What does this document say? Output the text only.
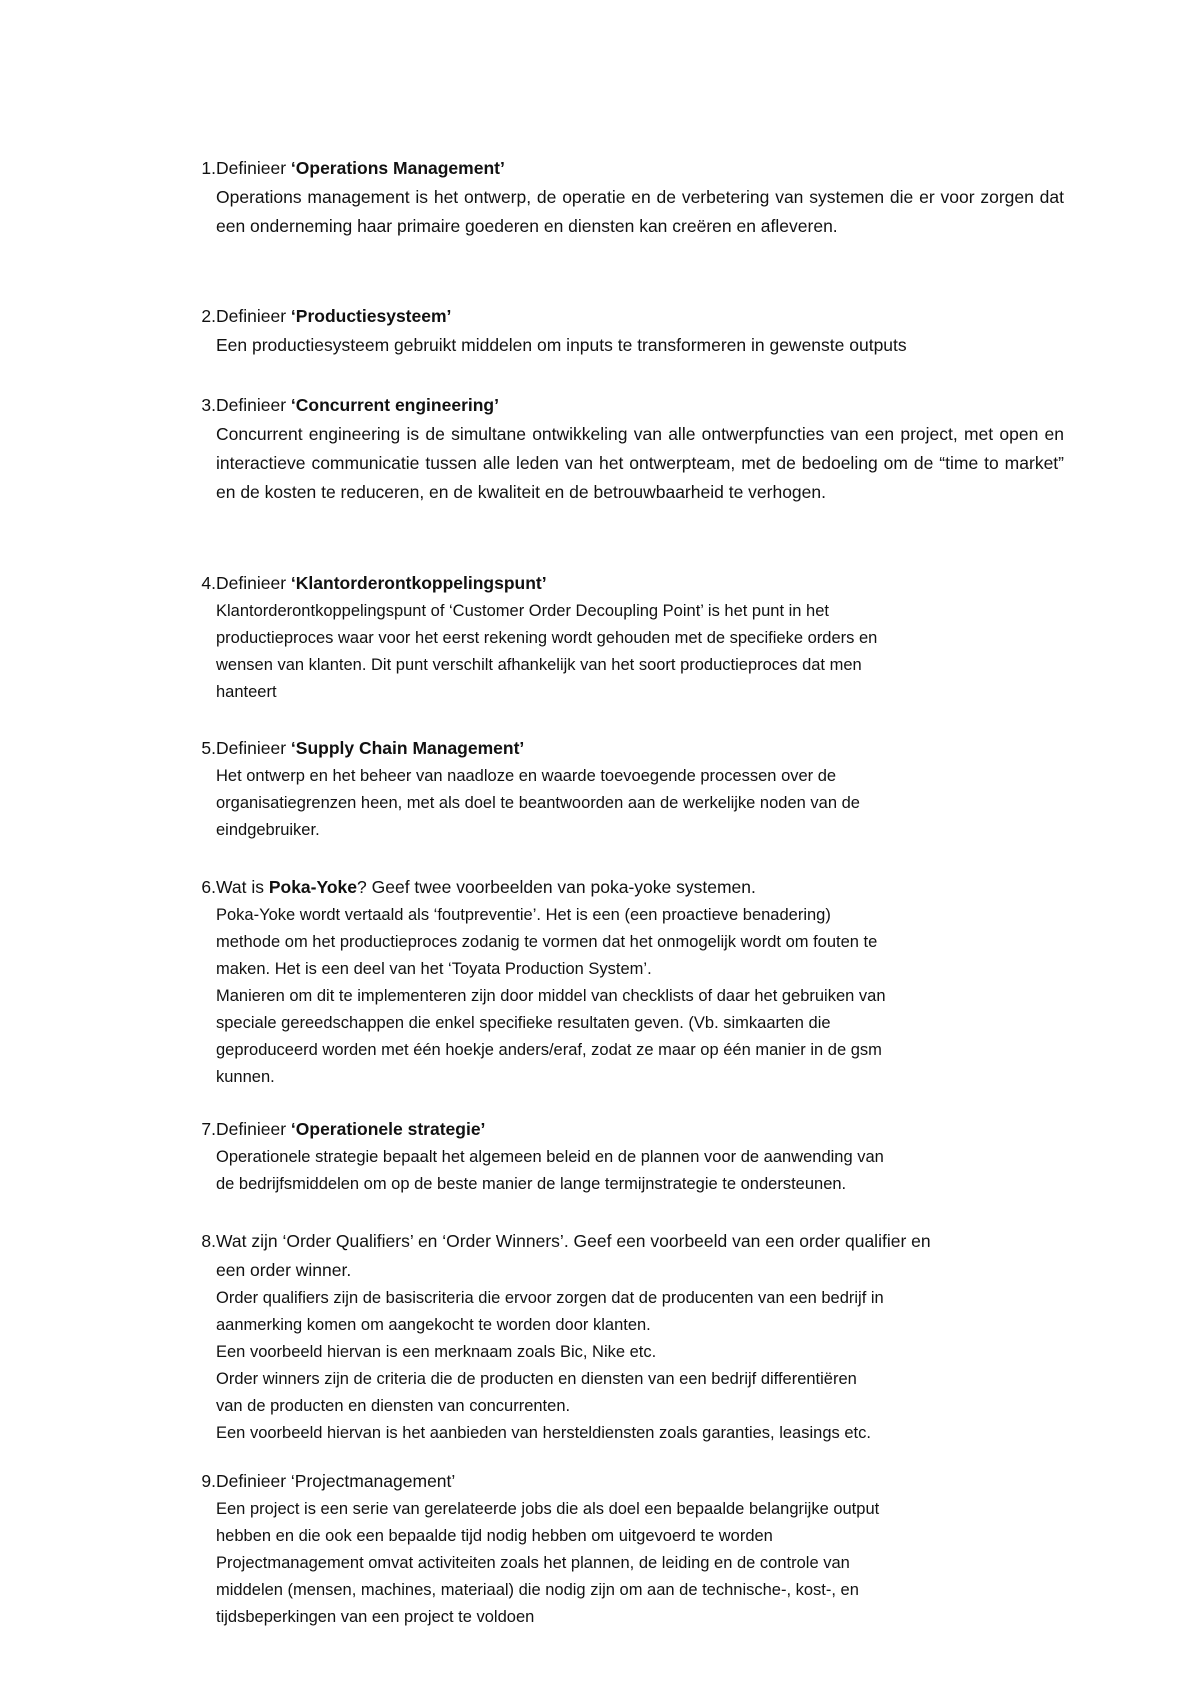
1. Definieer ‘Operations Management’

Operations management is het ontwerp, de operatie en de verbetering van systemen die er voor zorgen dat een onderneming haar primaire goederen en diensten kan creëren en afleveren.

2. Definieer ‘Productiesysteem’

Een productiesysteem gebruikt middelen om inputs te transformeren in gewenste outputs

3. Definieer ‘Concurrent engineering’

Concurrent engineering is de simultane ontwikkeling van alle ontwerpfuncties van een project, met open en interactieve communicatie tussen alle leden van het ontwerpteam, met de bedoeling om de “time to market” en de kosten te reduceren, en de kwaliteit en de betrouwbaarheid te verhogen.

4. Definieer ‘Klantorderontkoppelingspunt’

Klantorderontkoppelingspunt of ‘Customer Order Decoupling Point’ is het punt in het
productieproces waar voor het eerst rekening wordt gehouden met de specifieke orders en
wensen van klanten. Dit punt verschilt afhankelijk van het soort productieproces dat men
hanteert

5. Definieer ‘Supply Chain Management’

Het ontwerp en het beheer van naadloze en waarde toevoegende processen over de
organisatiegrenzen heen, met als doel te beantwoorden aan de werkelijke noden van de
eindgebruiker.

6. Wat is Poka-Yoke? Geef twee voorbeelden van poka-yoke systemen.

Poka-Yoke wordt vertaald als ‘foutpreventie’. Het is een (een proactieve benadering)
methode om het productieproces zodanig te vormen dat het onmogelijk wordt om fouten te
maken. Het is een deel van het ‘Toyata Production System’.
Manieren om dit te implementeren zijn door middel van checklists of daar het gebruiken van
speciale gereedschappen die enkel specifieke resultaten geven. (Vb. simkaarten die
geproduceerd worden met één hoekje anders/eraf, zodat ze maar op één manier in de gsm
kunnen.

7. Definieer ‘Operationele strategie’

Operationele strategie bepaalt het algemeen beleid en de plannen voor de aanwending van
de bedrijfsmiddelen om op de beste manier de lange termijnstrategie te ondersteunen.

8. Wat zijn ‘Order Qualifiers’ en ‘Order Winners’. Geef een voorbeeld van een order qualifier en
een order winner.

Order qualifiers zijn de basiscriteria die ervoor zorgen dat de producenten van een bedrijf in
aanmerking komen om aangekocht te worden door klanten.
Een voorbeeld hiervan is een merknaam zoals Bic, Nike etc.
Order winners zijn de criteria die de producten en diensten van een bedrijf differentiëren
van de producten en diensten van concurrenten.
Een voorbeeld hiervan is het aanbieden van hersteldiensten zoals garanties, leasings etc.

9. Definieer ‘Projectmanagement’

Een project is een serie van gerelateerde jobs die als doel een bepaalde belangrijke output
hebben en die ook een bepaalde tijd nodig hebben om uitgevoerd te worden
Projectmanagement omvat activiteiten zoals het plannen, de leiding en de controle van
middelen (mensen, machines, materiaal) die nodig zijn om aan de technische-, kost-, en
tijdsbeperkingen van een project te voldoen
